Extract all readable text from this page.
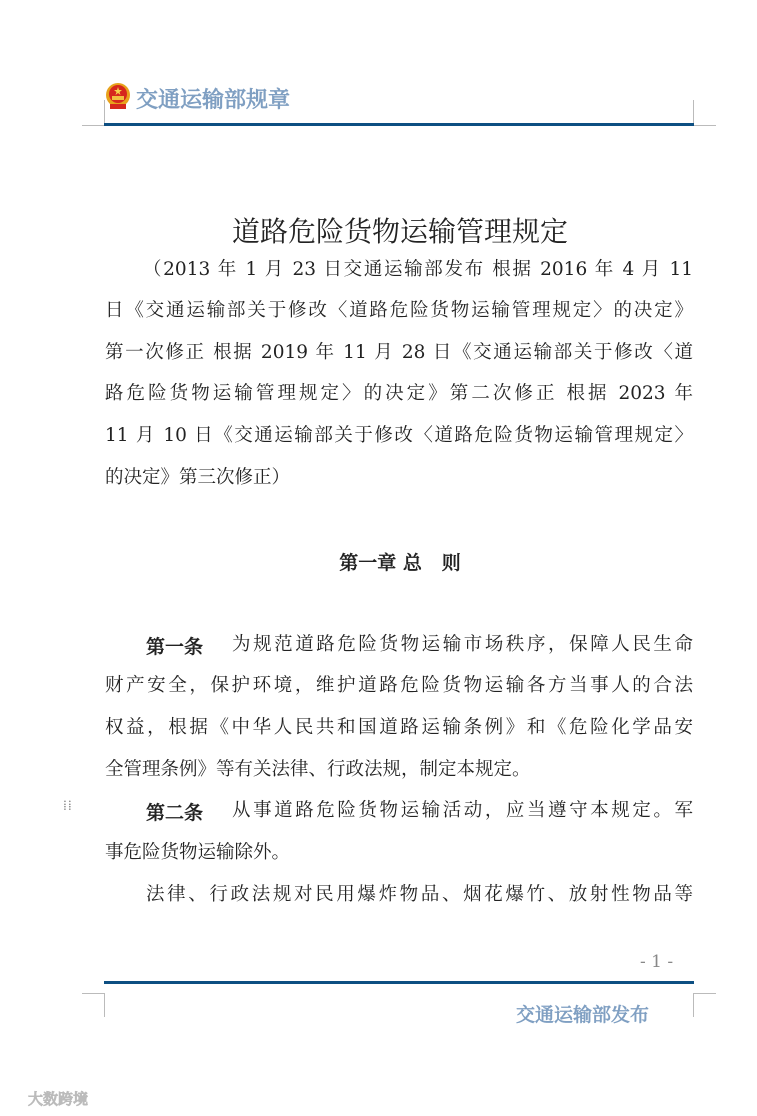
交通运输部规章
道路危险货物运输管理规定
（2013 年 1 月 23 日交通运输部发布 根据 2016 年 4 月 11
日《交通运输部关于修改〈道路危险货物运输管理规定〉的决定》
第一次修正 根据 2019 年 11 月 28 日《交通运输部关于修改〈道
路危险货物运输管理规定〉的决定》第二次修正 根据 2023 年
11 月 10 日《交通运输部关于修改〈道路危险货物运输管理规定〉
的决定》第三次修正）
第一章 总   则
第一条 为规范道路危险货物运输市场秩序，保障人民生命
财产安全，保护环境，维护道路危险货物运输各方当事人的合法
权益，根据《中华人民共和国道路运输条例》和《危险化学品安
全管理条例》等有关法律、行政法规，制定本规定。
⁞⁞	第二条 从事道路危险货物运输活动，应当遵守本规定。军
事危险货物运输除外。
法律、行政法规对民用爆炸物品、烟花爆竹、放射性物品等
- 1 -
交通运输部发布
大数跨境
